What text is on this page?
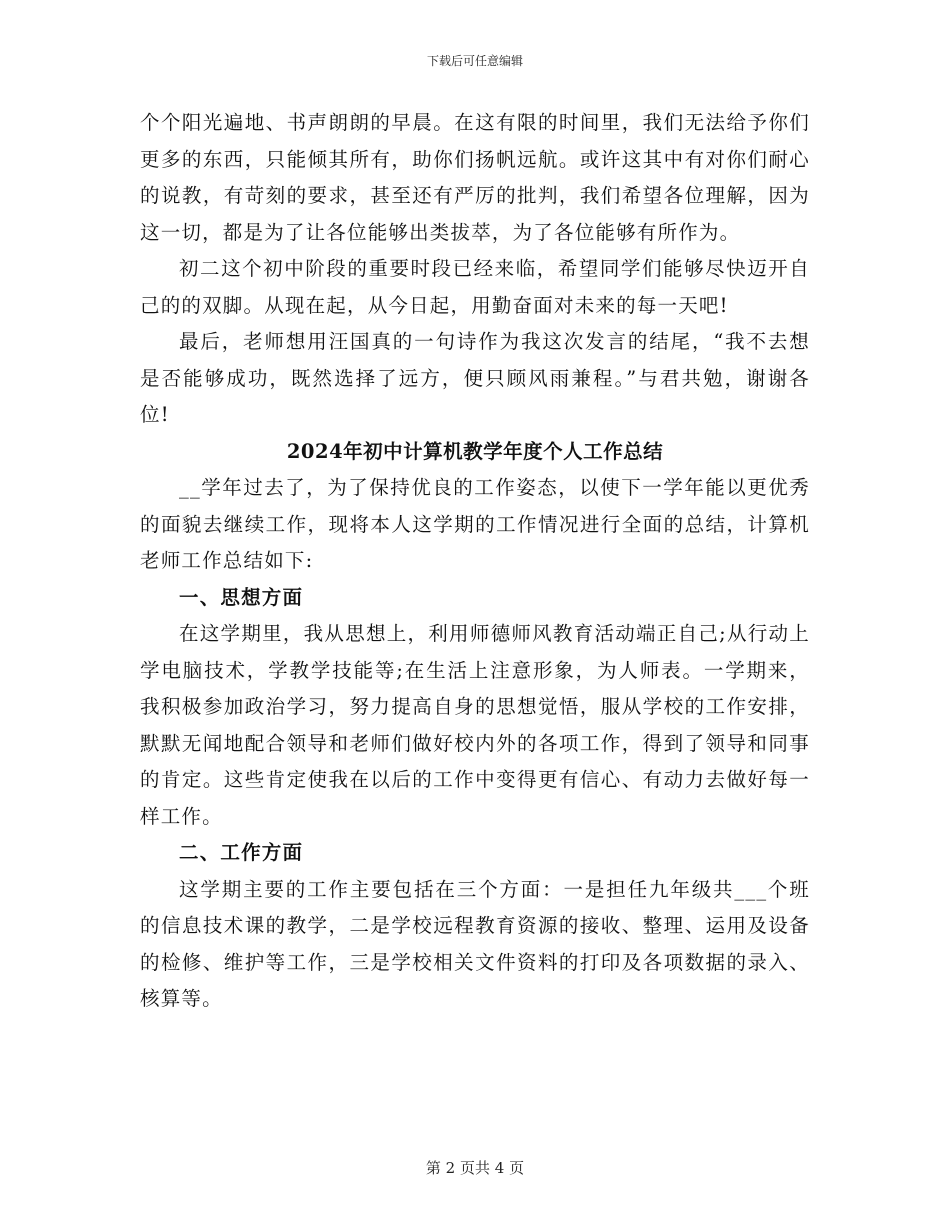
下载后可任意编辑

个个阳光遍地、书声朗朗的早晨。在这有限的时间里，我们无法给予你们更多的东西，只能倾其所有，助你们扬帆远航。或许这其中有对你们耐心的说教，有苛刻的要求，甚至还有严厉的批判，我们希望各位理解，因为这一切，都是为了让各位能够出类拔萃，为了各位能够有所作为。

初二这个初中阶段的重要时段已经来临，希望同学们能够尽快迈开自己的的双脚。从现在起，从今日起，用勤奋面对未来的每一天吧!

最后，老师想用汪国真的一句诗作为我这次发言的结尾，“我不去想是否能够成功，既然选择了远方，便只顾风雨兼程。”与君共勉，谢谢各位!

2024年初中计算机教学年度个人工作总结

__学年过去了，为了保持优良的工作姿态，以使下一学年能以更优秀的面貌去继续工作，现将本人这学期的工作情况进行全面的总结，计算机老师工作总结如下:

一、思想方面

在这学期里，我从思想上，利用师德师风教育活动端正自己;从行动上学电脑技术，学教学技能等;在生活上注意形象，为人师表。一学期来，我积极参加政治学习，努力提高自身的思想觉悟，服从学校的工作安排，默默无闻地配合领导和老师们做好校内外的各项工作，得到了领导和同事的肯定。这些肯定使我在以后的工作中变得更有信心、有动力去做好每一样工作。

二、工作方面

这学期主要的工作主要包括在三个方面：一是担任九年级共___个班的信息技术课的教学，二是学校远程教育资源的接收、整理、运用及设备的检修、维护等工作，三是学校相关文件资料的打印及各项数据的录入、核算等。

第 2 页共 4 页
